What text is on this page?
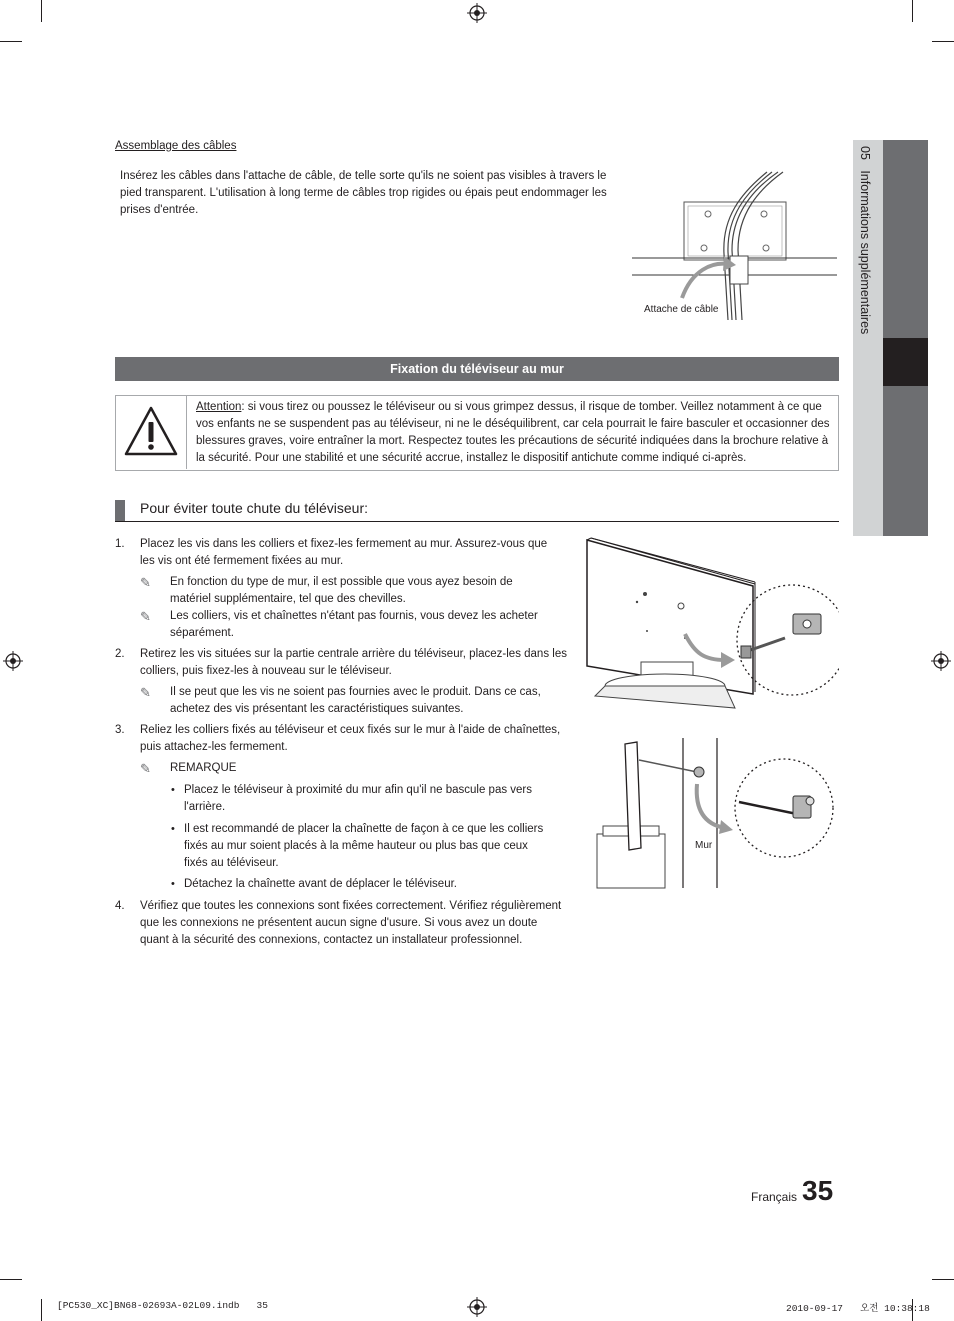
05   Informations supplémentaires
Assemblage des câbles
Insérez les câbles dans l'attache de câble, de telle sorte qu'ils ne soient pas visibles à travers le
pied transparent. L'utilisation à long terme de câbles trop rigides ou épais peut endommager les
prises d'entrée.
Attache de câble
Fixation du téléviseur au mur
Attention: si vous tirez ou poussez le téléviseur ou si vous grimpez dessus, il risque de tomber. Veillez notamment à ce que
vos enfants ne se suspendent pas au téléviseur, ni ne le déséquilibrent, car cela pourrait le faire basculer et occasionner des
blessures graves, voire entraîner la mort. Respectez toutes les précautions de sécurité indiquées dans la brochure relative à
la sécurité. Pour une stabilité et une sécurité accrue, installez le dispositif antichute comme indiqué ci-après.
Pour éviter toute chute du téléviseur:
1. Placez les vis dans les colliers et fixez-les fermement au mur. Assurez-vous que
les vis ont été fermement fixées au mur.
✎ En fonction du type de mur, il est possible que vous ayez besoin de
matériel supplémentaire, tel que des chevilles.
✎ Les colliers, vis et chaînettes n'étant pas fournis, vous devez les acheter
séparément.
2. Retirez les vis situées sur la partie centrale arrière du téléviseur, placez-les dans les
colliers, puis fixez-les à nouveau sur le téléviseur.
✎ Il se peut que les vis ne soient pas fournies avec le produit. Dans ce cas,
achetez des vis présentant les caractéristiques suivantes.
3. Reliez les colliers fixés au téléviseur et ceux fixés sur le mur à l'aide de chaînettes,
puis attachez-les fermement.
✎ REMARQUE
• Placez le téléviseur à proximité du mur afin qu'il ne bascule pas vers
l'arrière.
• Il est recommandé de placer la chaînette de façon à ce que les colliers
fixés au mur soient placés à la même hauteur ou plus bas que ceux
fixés au téléviseur.
• Détachez la chaînette avant de déplacer le téléviseur.
4. Vérifiez que toutes les connexions sont fixées correctement. Vérifiez régulièrement
que les connexions ne présentent aucun signe d'usure. Si vous avez un doute
quant à la sécurité des connexions, contactez un installateur professionnel.
Mur
Français 35
[PC530_XC]BN68-02693A-02L09.indb   35	2010-09-17   오전 10:38:18
